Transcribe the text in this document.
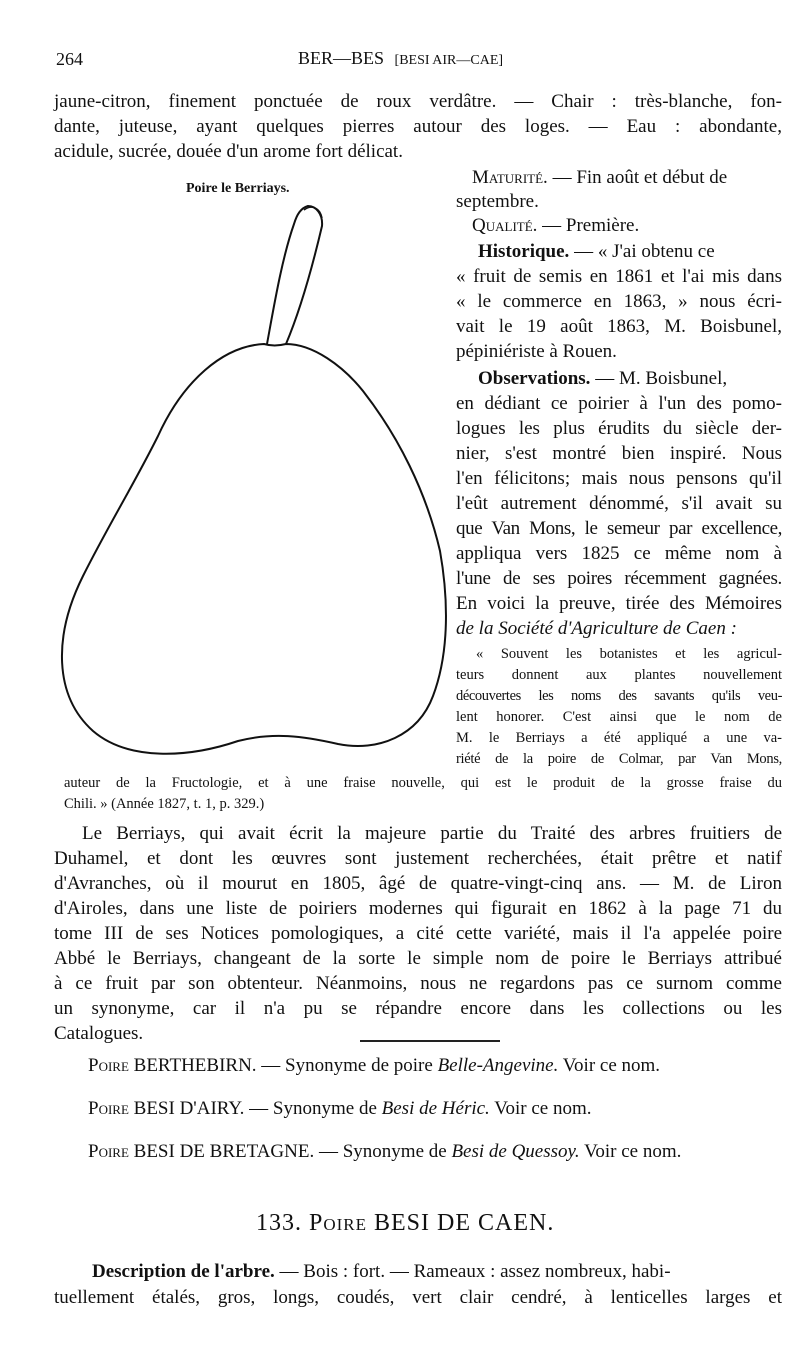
264	BER—BES [BESI AIR—CAE]
jaune-citron, finement ponctuée de roux verdâtre. — Chair : très-blanche, fon-
dante, juteuse, ayant quelques pierres autour des loges. — Eau : abondante,
acidule, sucrée, douée d'un arome fort délicat.
Poire le Berriays.
Maturité. — Fin août et début de
septembre.
Qualité. — Première.
Historique. — « J'ai obtenu ce
« fruit de semis en 1861 et l'ai mis dans
« le commerce en 1863, » nous écri-
vait le 19 août 1863, M. Boisbunel,
pépiniériste à Rouen.
Observations. — M. Boisbunel,
en dédiant ce poirier à l'un des pomo-
logues les plus érudits du siècle der-
nier, s'est montré bien inspiré. Nous
l'en félicitons; mais nous pensons qu'il
l'eût autrement dénommé, s'il avait su
que Van Mons, le semeur par excellence,
appliqua vers 1825 ce même nom à
l'une de ses poires récemment gagnées.
En voici la preuve, tirée des Mémoires
de la Société d'Agriculture de Caen :
« Souvent les botanistes et les agricul-
teurs donnent aux plantes nouvellement
découvertes les noms des savants qu'ils veu-
lent honorer. C'est ainsi que le nom de
M. le Berriays a été appliqué a une va-
riété de la poire de Colmar, par Van Mons,
auteur de la Fructologie, et à une fraise nouvelle, qui est le produit de la grosse fraise du
Chili. » (Année 1827, t. 1, p. 329.)
Le Berriays, qui avait écrit la majeure partie du Traité des arbres fruitiers de
Duhamel, et dont les œuvres sont justement recherchées, était prêtre et natif
d'Avranches, où il mourut en 1805, âgé de quatre-vingt-cinq ans. — M. de Liron
d'Airoles, dans une liste de poiriers modernes qui figurait en 1862 à la page 71 du
tome III de ses Notices pomologiques, a cité cette variété, mais il l'a appelée poire
Abbé le Berriays, changeant de la sorte le simple nom de poire le Berriays attribué
à ce fruit par son obtenteur. Néanmoins, nous ne regardons pas ce surnom comme
un synonyme, car il n'a pu se répandre encore dans les collections ou les
Catalogues.
Poire BERTHEBIRN. — Synonyme de poire Belle-Angevine. Voir ce nom.
Poire BESI D'AIRY. — Synonyme de Besi de Héric. Voir ce nom.
Poire BESI DE BRETAGNE. — Synonyme de Besi de Quessoy. Voir ce nom.
133. Poire BESI DE CAEN.
Description de l'arbre. — Bois : fort. — Rameaux : assez nombreux, habi-
tuellement étalés, gros, longs, coudés, vert clair cendré, à lenticelles larges et
